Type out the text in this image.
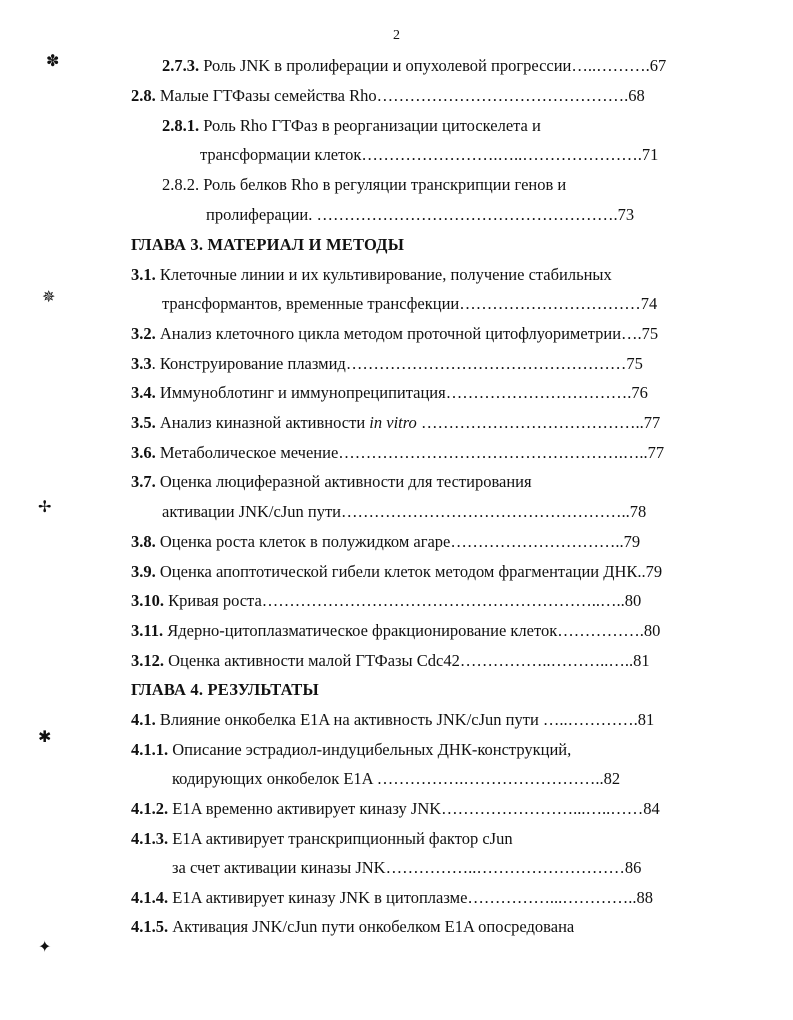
2
✽
✵
✢
✱
✦
2.7.3. Роль JNK в пролиферации и опухолевой прогрессии…..……….67
2.8. Малые ГТФазы семейства Rho……………………………………….68
2.8.1. Роль Rho ГТФаз в реорганизации цитоскелета и
трансформации клеток…………………….…..………………….71
2.8.2. Роль белков Rho в регуляции транскрипции генов и
пролиферации. ……………………………………………….73
ГЛАВА 3. МАТЕРИАЛ И МЕТОДЫ
3.1. Клеточные линии и их культивирование, получение стабильных
трансформантов, временные трансфекции……………………………74
3.2. Анализ клеточного цикла методом проточной цитофлуориметрии….75
3.3. Конструирование плазмид……………………………………………75
3.4. Иммуноблотинг и иммунопреципитация…………………………….76
3.5. Анализ киназной активности in vitro …………………………………..77
3.6. Метаболическое мечение…………………………………………….…..77
3.7. Оценка люциферазной активности для тестирования
активации JNK/cJun пути……………………………………………..78
3.8. Оценка роста клеток в полужидком агаре…………………………..79
3.9. Оценка апоптотической гибели клеток методом фрагментации ДНК..79
3.10. Кривая роста……………………………………………………..…..80
3.11. Ядерно-цитоплазматическое фракционирование клеток…………….80
3.12. Оценка активности малой ГТФазы Cdc42……………..………..…..81
ГЛАВА 4. РЕЗУЛЬТАТЫ
4.1. Влияние онкобелка E1A на активность JNK/cJun пути …..………….81
4.1.1. Описание эстрадиол-индуцибельных ДНК-конструкций,
кодирующих онкобелок E1A …………….……………………..82
4.1.2. E1A временно активирует киназу JNK……………………...…..……84
4.1.3. E1A активирует транскрипционный фактор cJun
за счет активации киназы JNK……………..………………………86
4.1.4. E1A активирует киназу JNK в цитоплазме……………...…………..88
4.1.5. Активация JNK/cJun пути онкобелком E1A опосредована
